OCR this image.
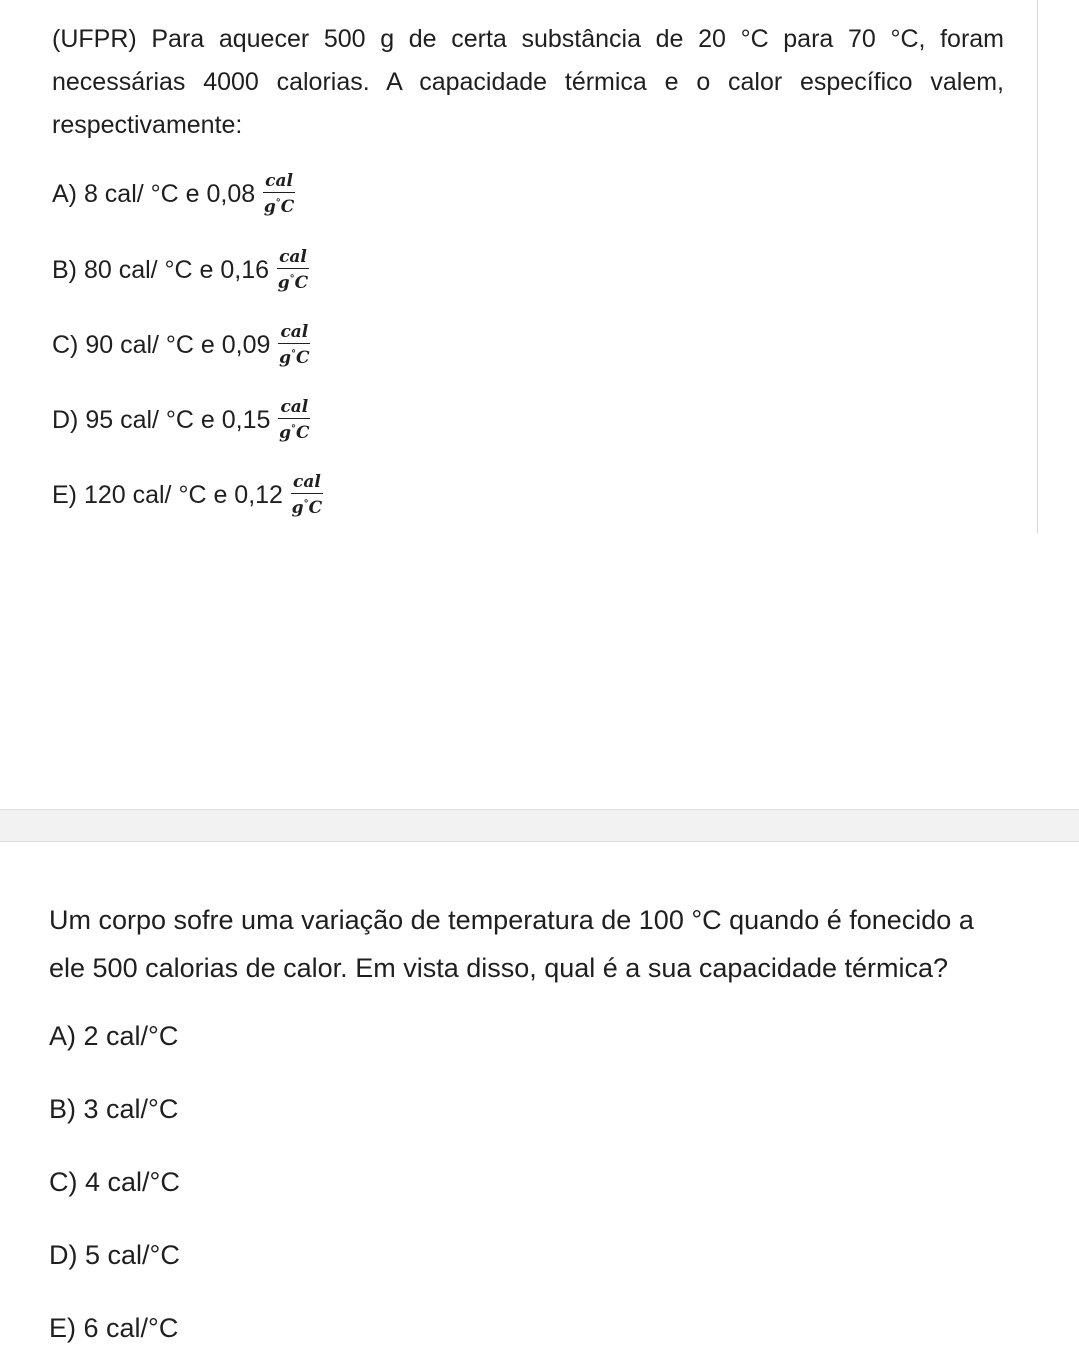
(UFPR) Para aquecer 500 g de certa substância de 20 °C para 70 °C, foram
necessárias 4000 calorias. A capacidade térmica e o calor específico valem,
respectivamente:
A) 8 cal/ °C e $0,08 \frac{\text{cal}}{g^\circ C}$
B) 80 cal/ °C e $0,16 \frac{\text{cal}}{g^\circ C}$
C) 90 cal/ °C e $0,09 \frac{\text{cal}}{g^\circ C}$
D) 95 cal/ °C e $0,15 \frac{\text{cal}}{g^\circ C}$
E) 120 cal/ °C e $0,12 \frac{\text{cal}}{g^\circ C}$
Um corpo sofre uma variação de temperatura de 100 °C quando é fonecido a
ele 500 calorias de calor. Em vista disso, qual é a sua capacidade térmica?
A) 2 cal/°C
B) 3 cal/°C
C) 4 cal/°C
D) 5 cal/°C
E) 6 cal/°C
